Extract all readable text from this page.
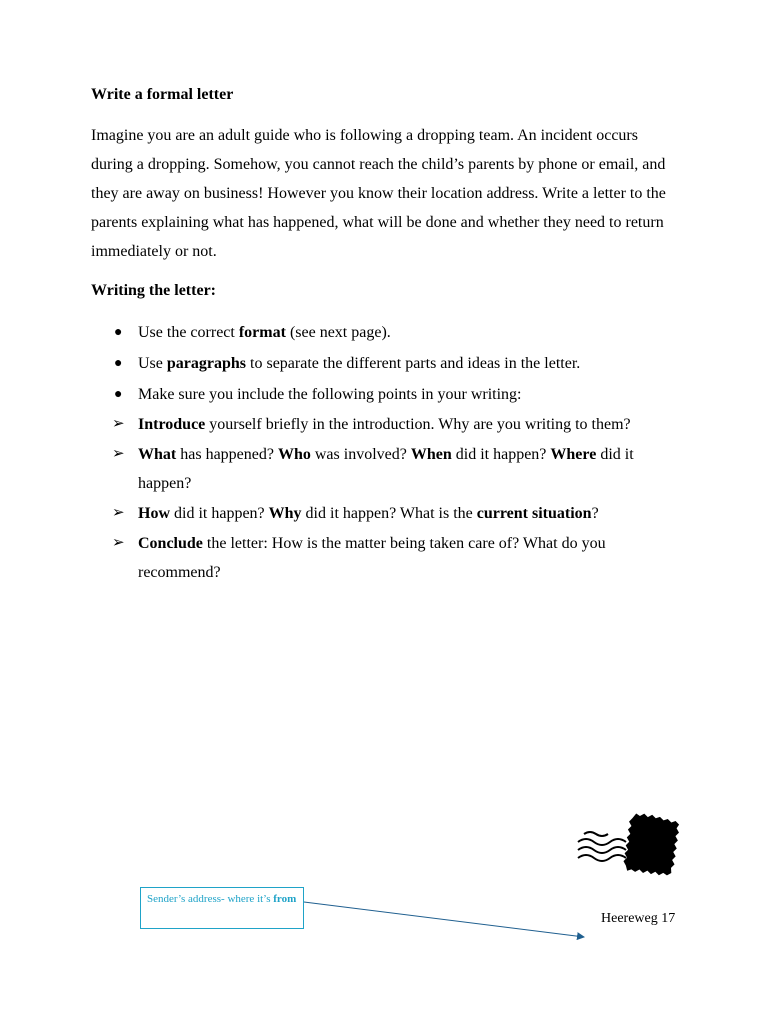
Write a formal letter

Imagine you are an adult guide who is following a dropping team. An incident occurs during a dropping. Somehow, you cannot reach the child’s parents by phone or email, and they are away on business! However you know their location address. Write a letter to the parents explaining what has happened, what will be done and whether they need to return immediately or not.

Writing the letter:
● Use the correct format (see next page).
● Use paragraphs to separate the different parts and ideas in the letter.
● Make sure you include the following points in your writing:
➢ Introduce yourself briefly in the introduction. Why are you writing to them?
➢ What has happened? Who was involved? When did it happen? Where did it happen?
➢ How did it happen? Why did it happen? What is the current situation?
➢ Conclude the letter: How is the matter being taken care of? What do you recommend?
Sender’s address- where it’s from
Heereweg 17
